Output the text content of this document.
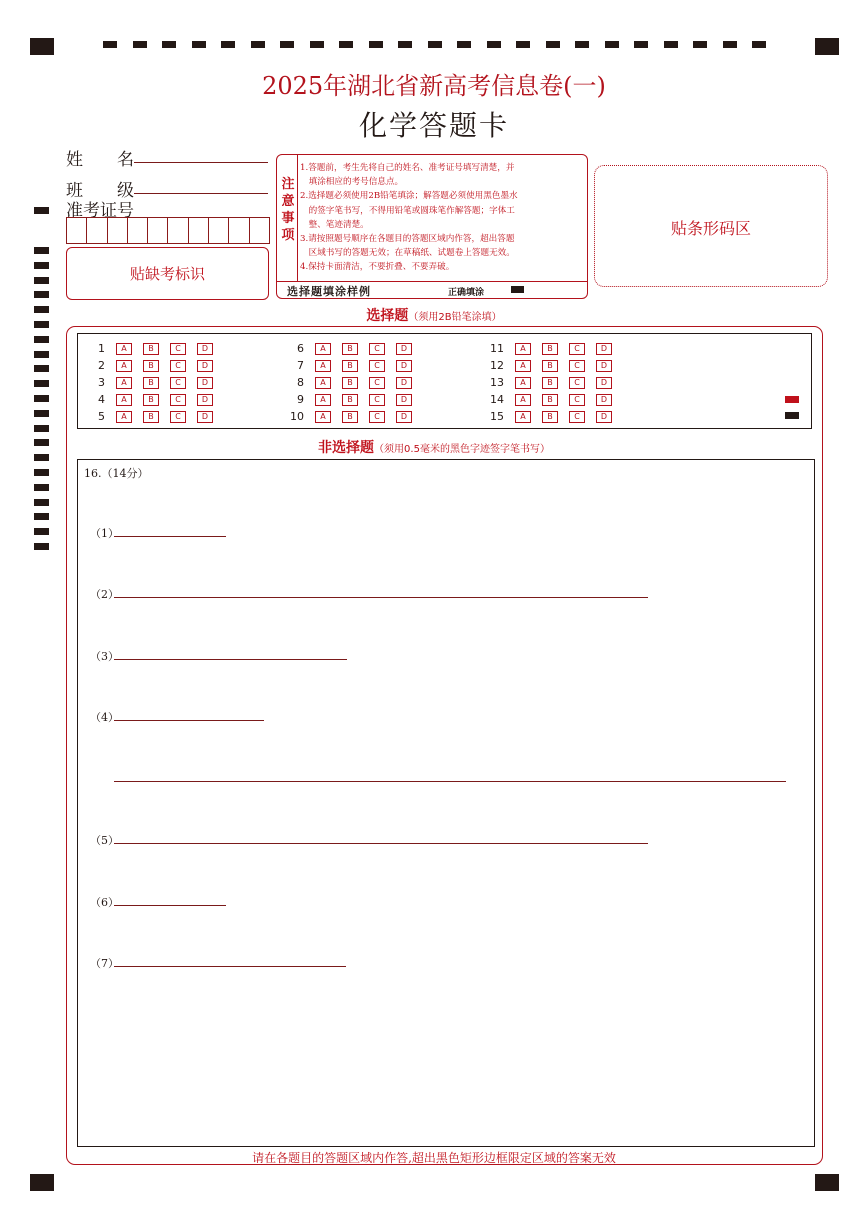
2025年湖北省新高考信息卷(一)
化学答题卡
姓　　名
班　　级
准考证号
贴缺考标识
注意事项
1.答题前，考生先将自己的姓名、准考证号填写清楚，并
　填涂相应的考号信息点。
2.选择题必须使用2B铅笔填涂；解答题必须使用黑色墨水
　的签字笔书写，不得用铅笔或圆珠笔作解答题；字体工
　整、笔迹清楚。
3.请按照题号顺序在各题目的答题区域内作答，超出答题
　区域书写的答题无效；在草稿纸、试题卷上答题无效。
4.保持卡面清洁，不要折叠、不要弄破。
选择题填涂样例	正确填涂
贴条形码区
选择题（须用2B铅笔涂填）
1	A	B	C	D
2	A	B	C	D
3	A	B	C	D
4	A	B	C	D
5	A	B	C	D
6	A	B	C	D
7	A	B	C	D
8	A	B	C	D
9	A	B	C	D
10	A	B	C	D
11	A	B	C	D
12	A	B	C	D
13	A	B	C	D
14	A	B	C	D
15	A	B	C	D
非选择题（须用0.5毫米的黑色字迹签字笔书写）
16.（14分）
（1）
（2）
（3）
（4）
（5）
（6）
（7）
请在各题目的答题区域内作答,超出黑色矩形边框限定区域的答案无效
